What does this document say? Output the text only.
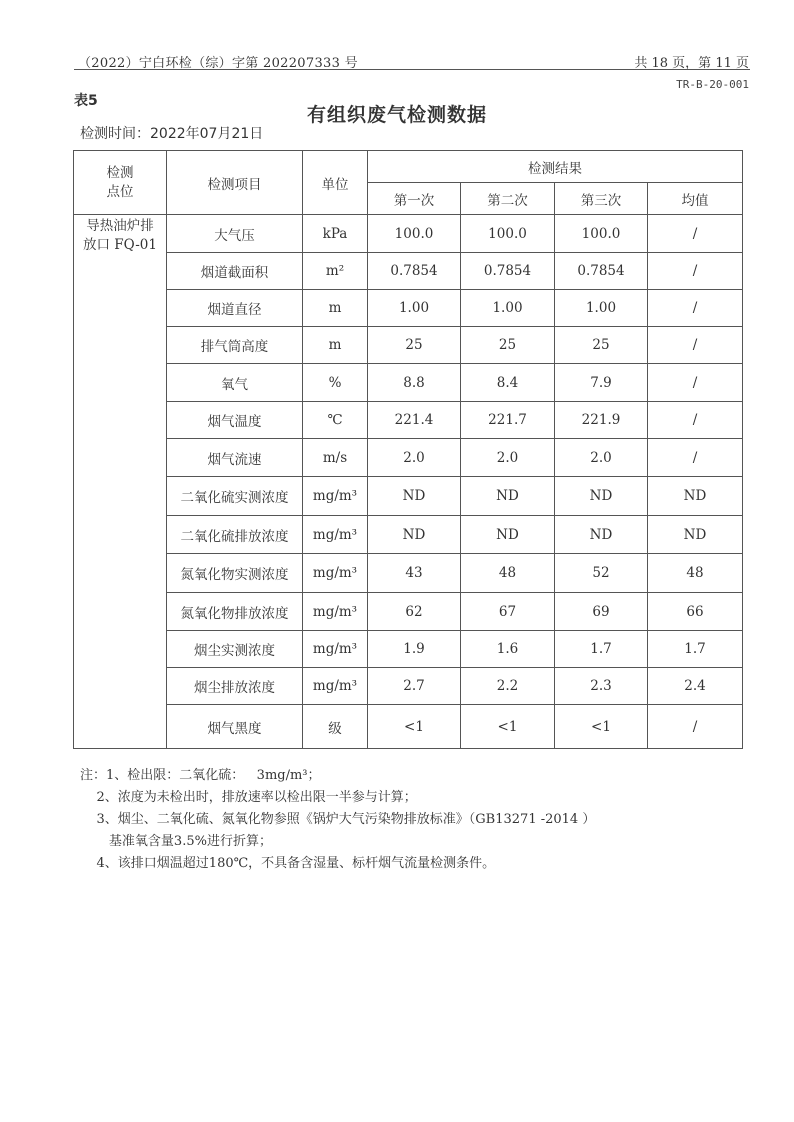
（2022）宁白环检（综）字第 202207333 号	共 18 页，第 11 页
TR-B-20-001
表5
有组织废气检测数据
检测时间：2022年07月21日
检测
点位	检测项目	单位	检测结果			
			第一次	第二次	第三次	均值
导热油炉排
放口 FQ-01	大气压	kPa	100.0	100.0	100.0	/
	烟道截面积	m²	0.7854	0.7854	0.7854	/
	烟道直径	m	1.00	1.00	1.00	/
	排气筒高度	m	25	25	25	/
	氧气	%	8.8	8.4	7.9	/
	烟气温度	℃	221.4	221.7	221.9	/
	烟气流速	m/s	2.0	2.0	2.0	/
	二氧化硫实测浓度	mg/m³	ND	ND	ND	ND
	二氧化硫排放浓度	mg/m³	ND	ND	ND	ND
	氮氧化物实测浓度	mg/m³	43	48	52	48
	氮氧化物排放浓度	mg/m³	62	67	69	66
	烟尘实测浓度	mg/m³	1.9	1.6	1.7	1.7
	烟尘排放浓度	mg/m³	2.7	2.2	2.3	2.4
	烟气黑度	级	<1	<1	<1	/
注：1、检出限：二氧化硫：   3mg/m³；
2、浓度为未检出时，排放速率以检出限一半参与计算；
3、烟尘、二氧化硫、氮氧化物参照《锅炉大气污染物排放标准》（GB13271 -2014 ）
基准氧含量3.5%进行折算；
4、该排口烟温超过180℃，不具备含湿量、标杆烟气流量检测条件。
